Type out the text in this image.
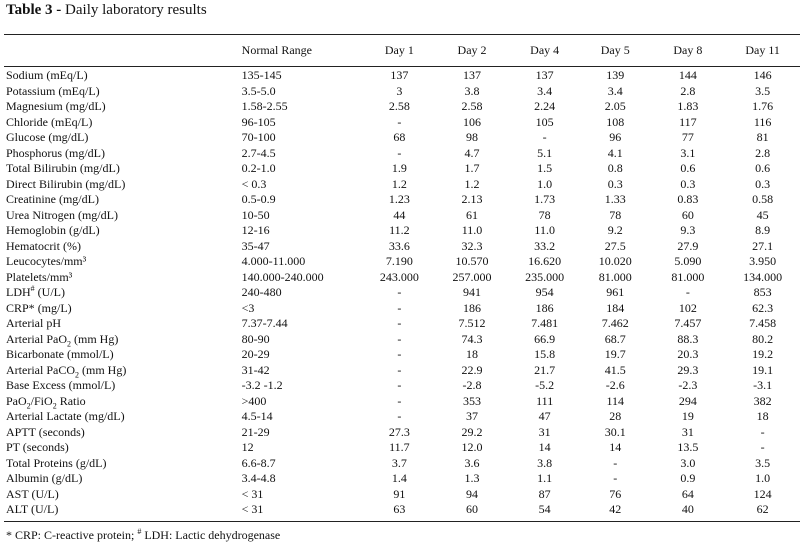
Table 3 - Daily laboratory results
	Normal Range	Day 1	Day 2	Day 4	Day 5	Day 8	Day 11

Sodium (mEq/L)	135-145	137	137	137	139	144	146
Potassium (mEq/L)	3.5-5.0	3	3.8	3.4	3.4	2.8	3.5
Magnesium (mg/dL)	1.58-2.55	2.58	2.58	2.24	2.05	1.83	1.76
Chloride (mEq/L)	96-105	-	106	105	108	117	116
Glucose (mg/dL)	70-100	68	98	-	96	77	81
Phosphorus (mg/dL)	2.7-4.5	-	4.7	5.1	4.1	3.1	2.8
Total Bilirubin (mg/dL)	0.2-1.0	1.9	1.7	1.5	0.8	0.6	0.6
Direct Bilirubin (mg/dL)	< 0.3	1.2	1.2	1.0	0.3	0.3	0.3
Creatinine (mg/dL)	0.5-0.9	1.23	2.13	1.73	1.33	0.83	0.58
Urea Nitrogen (mg/dL)	10-50	44	61	78	78	60	45
Hemoglobin (g/dL)	12-16	11.2	11.0	11.0	9.2	9.3	8.9
Hematocrit (%)	35-47	33.6	32.3	33.2	27.5	27.9	27.1
Leucocytes/mm³	4.000-11.000	7.190	10.570	16.620	10.020	5.090	3.950
Platelets/mm³	140.000-240.000	243.000	257.000	235.000	81.000	81.000	134.000
LDH# (U/L)	240-480	-	941	954	961	-	853
CRP* (mg/L)	<3	-	186	186	184	102	62.3
Arterial pH	7.37-7.44	-	7.512	7.481	7.462	7.457	7.458
Arterial PaO$_2$ (mm Hg)	80-90	-	74.3	66.9	68.7	88.3	80.2
Bicarbonate (mmol/L)	20-29	-	18	15.8	19.7	20.3	19.2
Arterial PaCO$_2$ (mm Hg)	31-42	-	22.9	21.7	41.5	29.3	19.1
Base Excess (mmol/L)	-3.2 -1.2	-	-2.8	-5.2	-2.6	-2.3	-3.1
PaO$_2$/FiO$_2$ Ratio	>400	-	353	111	114	294	382
Arterial Lactate (mg/dL)	4.5-14	-	37	47	28	19	18
APTT (seconds)	21-29	27.3	29.2	31	30.1	31	-
PT (seconds)	12	11.7	12.0	14	14	13.5	-
Total Proteins (g/dL)	6.6-8.7	3.7	3.6	3.8	-	3.0	3.5
Albumin (g/dL)	3.4-4.8	1.4	1.3	1.1	-	0.9	1.0
AST (U/L)	< 31	91	94	87	76	64	124
ALT (U/L)	< 31	63	60	54	42	40	62
* CRP: C-reactive protein; # LDH: Lactic dehydrogenase
